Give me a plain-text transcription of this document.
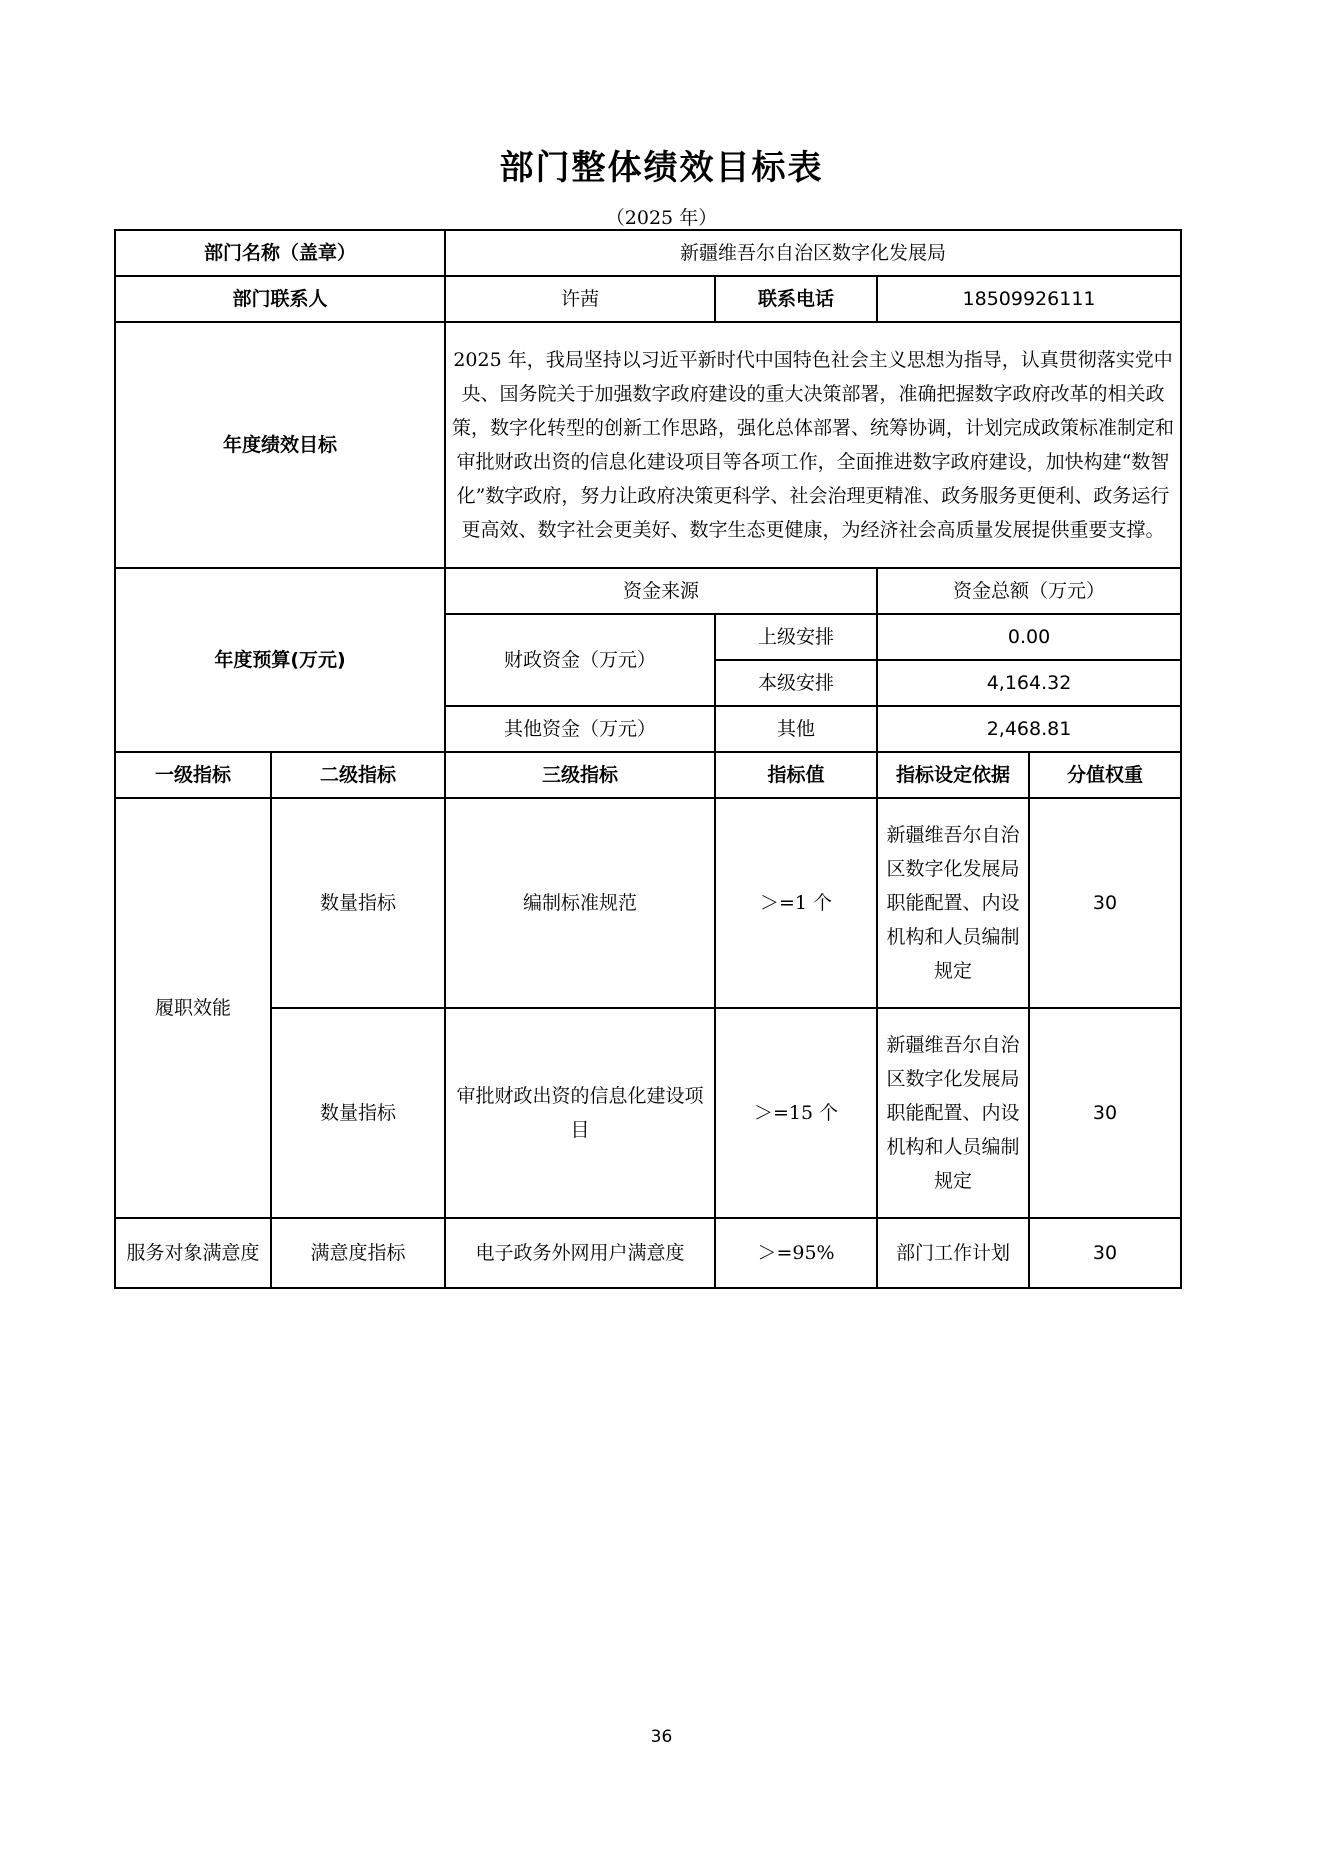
部门整体绩效目标表
（2025 年）
部门名称（盖章）		新疆维吾尔自治区数字化发展局			
部门联系人		许茜	联系电话	18509926111	
年度绩效目标		2025 年，我局坚持以习近平新时代中国特色社会主义思想为指导，认真贯彻落实党中央、国务院关于加强数字政府建设的重大决策部署，准确把握数字政府改革的相关政策，数字化转型的创新工作思路，强化总体部署、统筹协调，计划完成政策标准制定和审批财政出资的信息化建设项目等各项工作，全面推进数字政府建设，加快构建“数智化”数字政府，努力让政府决策更科学、社会治理更精准、政务服务更便利、政务运行更高效、数字社会更美好、数字生态更健康，为经济社会高质量发展提供重要支撑。			
年度预算(万元)		资金来源		资金总额（万元）	
		财政资金（万元）	上级安排	0.00	
			本级安排	4,164.32	
		其他资金（万元）	其他	2,468.81	
一级指标	二级指标	三级指标	指标值	指标设定依据	分值权重
履职效能	数量指标	编制标准规范	＞=1 个	新疆维吾尔自治区数字化发展局职能配置、内设机构和人员编制规定	30
	数量指标	审批财政出资的信息化建设项目	＞=15 个	新疆维吾尔自治区数字化发展局职能配置、内设机构和人员编制规定	30
服务对象满意度	满意度指标	电子政务外网用户满意度	＞=95%	部门工作计划	30
36
